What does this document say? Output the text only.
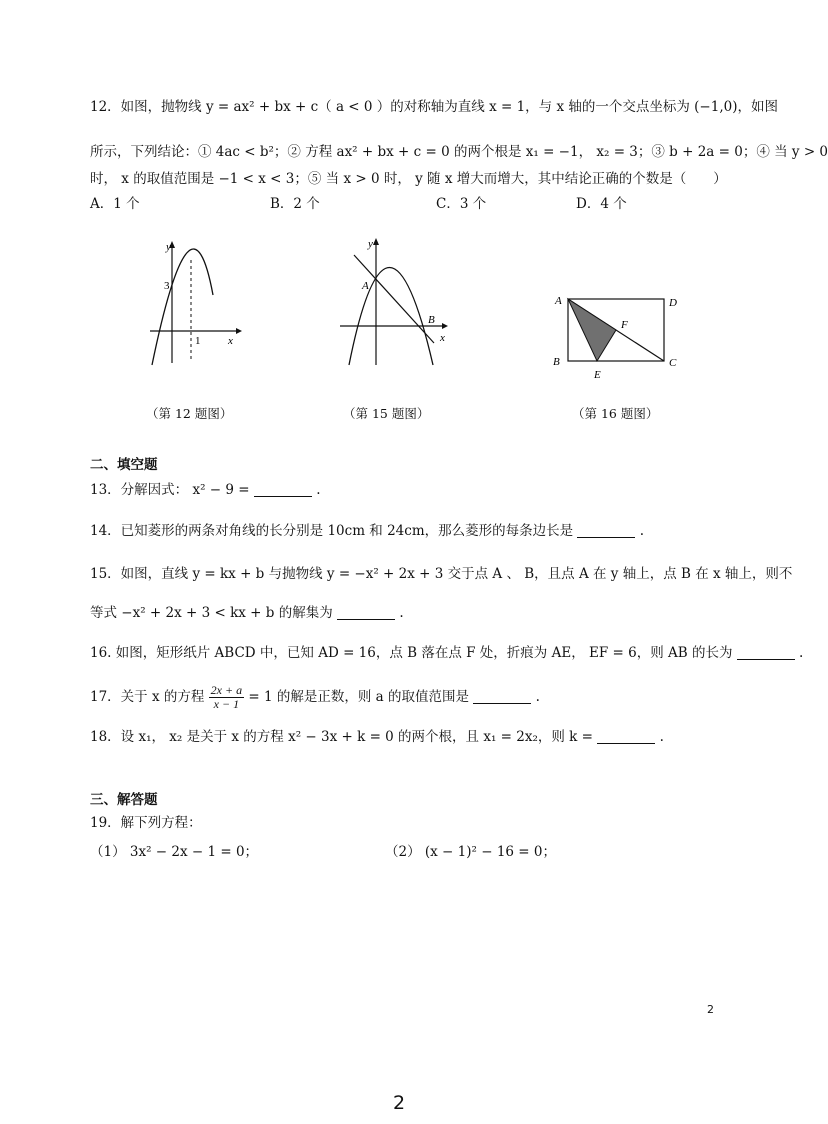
12．如图，抛物线 y = ax² + bx + c（ a < 0 ）的对称轴为直线 x = 1，与 x 轴的一个交点坐标为 (−1,0)，如图
所示，下列结论：① 4ac < b²；② 方程 ax² + bx + c = 0 的两个根是 x₁ = −1， x₂ = 3；③ b + 2a = 0；④ 当 y > 0
时， x 的取值范围是 −1 < x < 3；⑤ 当 x > 0 时， y 随 x 增大而增大，其中结论正确的个数是（　　）
A．1 个	B．2 个	C．3 个	D．4 个
y
x
3
1
（第 12 题图）
y
x
A
B
（第 15 题图）
A	D
B	C
E
F
（第 16 题图）
二、填空题
13．分解因式： x² − 9 =	.
14．已知菱形的两条对角线的长分别是 10cm 和 24cm，那么菱形的每条边长是	.
15．如图，直线 y = kx + b 与抛物线 y = −x² + 2x + 3 交于点 A 、 B，且点 A 在 y 轴上，点 B 在 x 轴上，则不
等式 −x² + 2x + 3 < kx + b 的解集为	.
16. 如图，矩形纸片 ABCD 中，已知 AD = 16，点 B 落在点 F 处，折痕为 AE， EF = 6，则 AB 的长为	.
17．关于 x 的方程 $\frac{2x + a}{x - 1} = 1$ 的解是正数，则 a 的取值范围是	.
18．设 x₁， x₂ 是关于 x 的方程 x² − 3x + k = 0 的两个根，且 x₁ = 2x₂，则 k =	.
三、解答题
19．解下列方程：
（1） 3x² − 2x − 1 = 0；	（2） (x − 1)² − 16 = 0；
2
2
